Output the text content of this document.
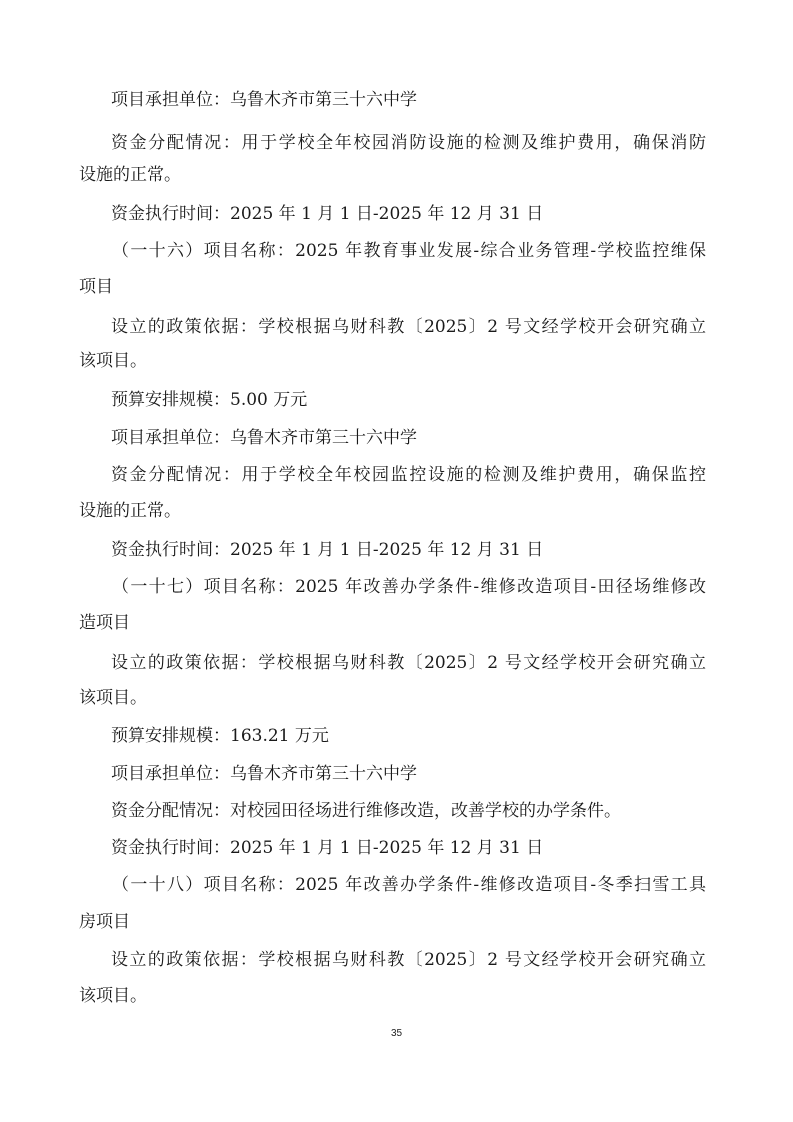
项目承担单位：乌鲁木齐市第三十六中学
资金分配情况：用于学校全年校园消防设施的检测及维护费用，确保消防
设施的正常。
资金执行时间：2025 年 1 月 1 日-2025 年 12 月 31 日
（一十六）项目名称：2025 年教育事业发展-综合业务管理-学校监控维保
项目
设立的政策依据：学校根据乌财科教〔2025〕2 号文经学校开会研究确立
该项目。
预算安排规模：5.00 万元
项目承担单位：乌鲁木齐市第三十六中学
资金分配情况：用于学校全年校园监控设施的检测及维护费用，确保监控
设施的正常。
资金执行时间：2025 年 1 月 1 日-2025 年 12 月 31 日
（一十七）项目名称：2025 年改善办学条件-维修改造项目-田径场维修改
造项目
设立的政策依据：学校根据乌财科教〔2025〕2 号文经学校开会研究确立
该项目。
预算安排规模：163.21 万元
项目承担单位：乌鲁木齐市第三十六中学
资金分配情况：对校园田径场进行维修改造，改善学校的办学条件。
资金执行时间：2025 年 1 月 1 日-2025 年 12 月 31 日
（一十八）项目名称：2025 年改善办学条件-维修改造项目-冬季扫雪工具
房项目
设立的政策依据：学校根据乌财科教〔2025〕2 号文经学校开会研究确立
该项目。
35
